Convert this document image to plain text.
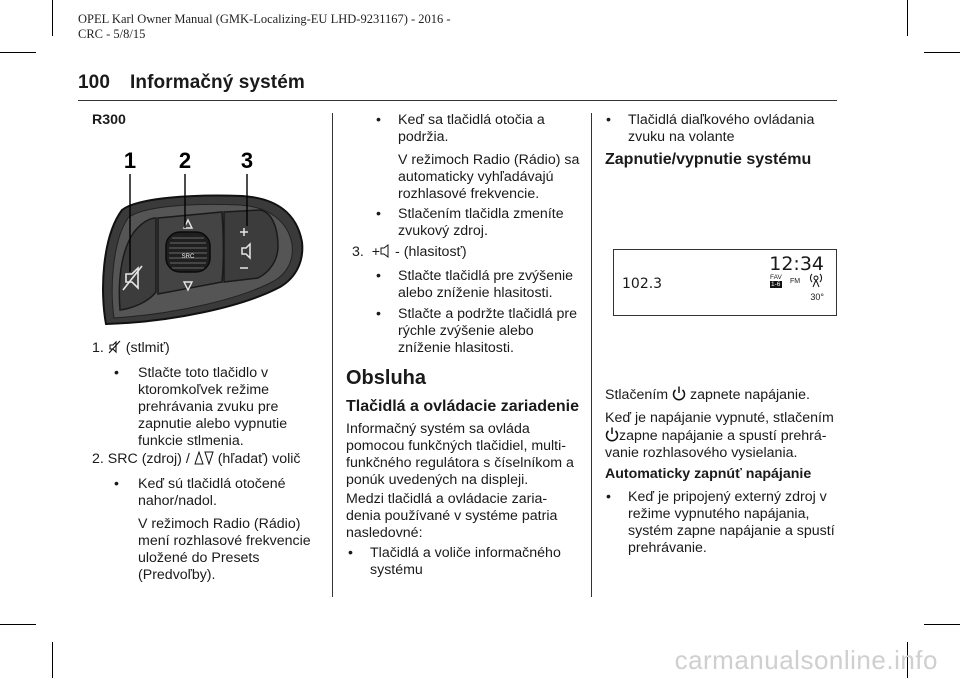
OPEL Karl Owner Manual (GMK-Localizing-EU LHD-9231167) - 2016 -
CRC - 5/8/15
100 Informačný systém
R300
1 2 3
SRC
1. (stlmiť)
• Stlačte toto tlačidlo v ktoromkoľvek režime prehrávania zvuku pre zapnutie alebo vypnutie funkcie stlmenia.
2. SRC (zdroj) / (hľadať) volič
• Keď sú tlačidlá otočené nahor/nadol.
V režimoch Radio (Rádio) mení rozhlasové frekvencie uložené do Presets (Predvoľby).
• Keď sa tlačidlá otočia a podržia.
V režimoch Radio (Rádio) sa automaticky vyhľadávajú rozhlasové frekvencie.
• Stlačením tlačidla zmeníte zvukový zdroj.
3. + - (hlasitosť)
• Stlačte tlačidlá pre zvýšenie alebo zníženie hlasitosti.
• Stlačte a podržte tlačidlá pre rýchle zvýšenie alebo zníženie hlasitosti.
Obsluha
Tlačidlá a ovládacie zariadenie
Informačný systém sa ovláda pomocou funkčných tlačidiel, multi-funkčného regulátora s číselníkom a ponúk uvedených na displeji.
Medzi tlačidlá a ovládacie zaria-denia používané v systéme patria nasledovné:
• Tlačidlá a voliče informačného systému
• Tlačidlá diaľkového ovládania zvuku na volante
Zapnutie/vypnutie systému
12:34
102.3	FAV
1-6 FM
30°
Stlačením zapnete napájanie.
Keď je napájanie vypnuté, stlačením
zapne napájanie a spustí prehrá-
vanie rozhlasového vysielania.
Automaticky zapnúť napájanie
• Keď je pripojený externý zdroj v režime vypnutého napájania, systém zapne napájanie a spustí prehrávanie.
carmanualsonline.info
